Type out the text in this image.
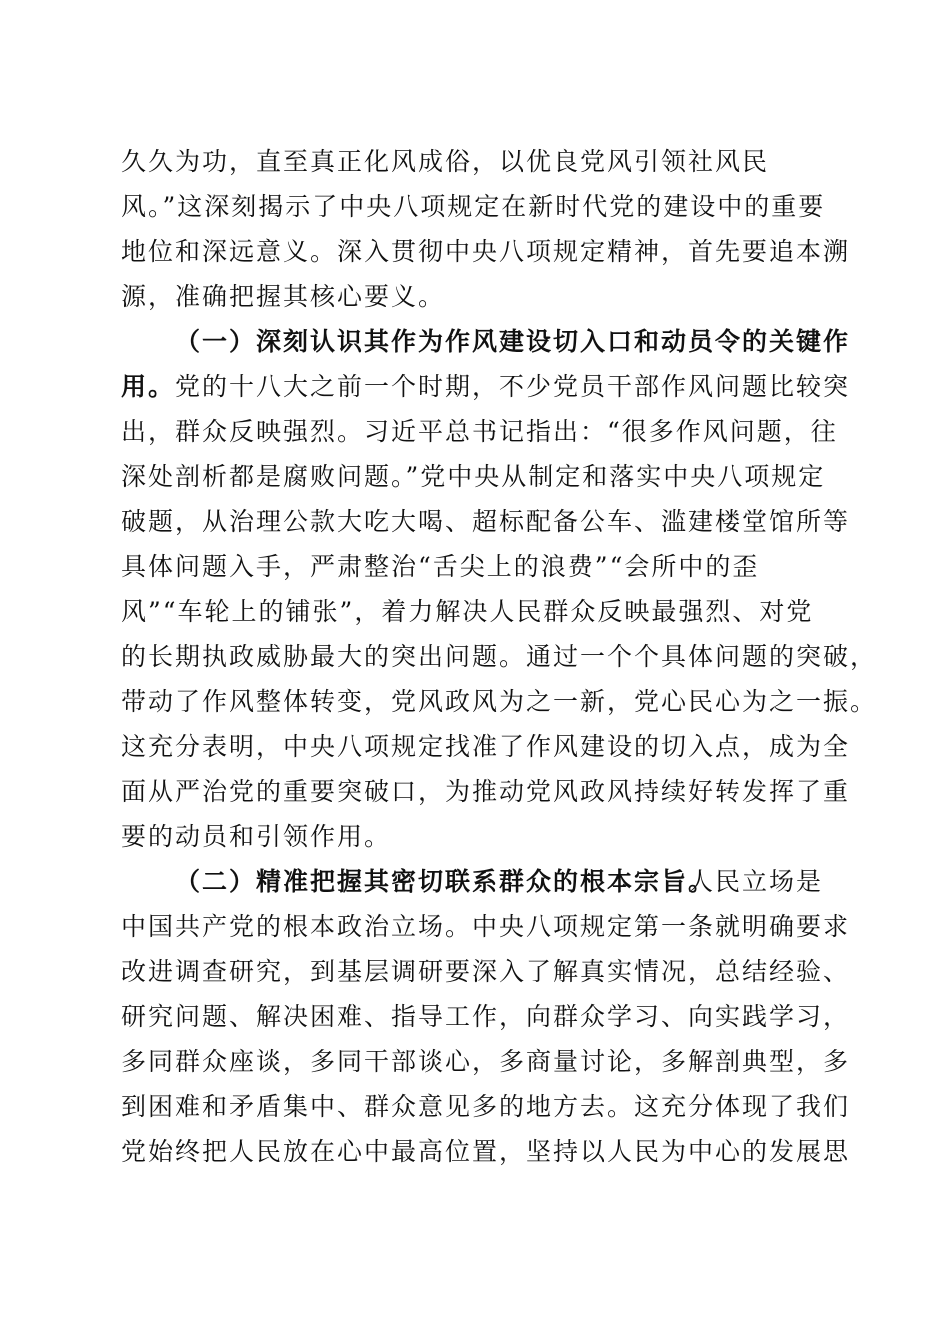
久久为功，直至真正化风成俗，以优良党风引领社风民
风。”这深刻揭示了中央八项规定在新时代党的建设中的重要
地位和深远意义。深入贯彻中央八项规定精神，首先要追本溯
源，准确把握其核心要义。
（一）深刻认识其作为作风建设切入口和动员令的关键作
用。 党的十八大之前一个时期，不少党员干部作风问题比较突
出，群众反映强烈。习近平总书记指出：“很多作风问题，往
深处剖析都是腐败问题。”党中央从制定和落实中央八项规定
破题，从治理公款大吃大喝、超标配备公车、滥建楼堂馆所等
具体问题入手，严肃整治“舌尖上的浪费”“会所中的歪
风”“车轮上的铺张”，着力解决人民群众反映最强烈、对党
的长期执政威胁最大的突出问题。通过一个个具体问题的突破，
带动了作风整体转变，党风政风为之一新，党心民心为之一振。
这充分表明，中央八项规定找准了作风建设的切入点，成为全
面从严治党的重要突破口，为推动党风政风持续好转发挥了重
要的动员和引领作用。
（二）精准把握其密切联系群众的根本宗旨。
人民立场是
中国共产党的根本政治立场。中央八项规定第一条就明确要求
改进调查研究，到基层调研要深入了解真实情况，总结经验、
研究问题、解决困难、指导工作，向群众学习、向实践学习，
多同群众座谈，多同干部谈心，多商量讨论，多解剖典型，多
到困难和矛盾集中、群众意见多的地方去。这充分体现了我们
党始终把人民放在心中最高位置，坚持以人民为中心的发展思
